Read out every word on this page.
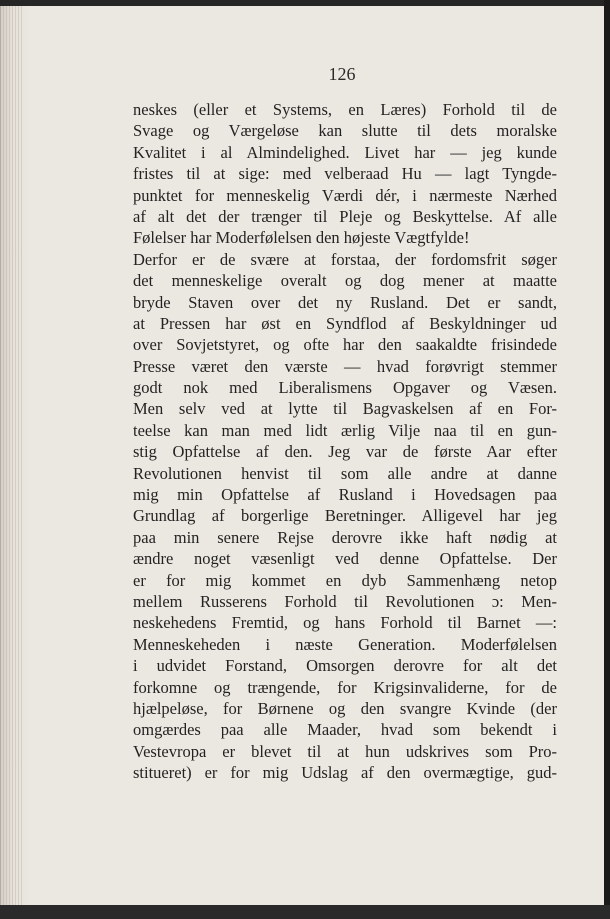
126
neskes (eller et Systems, en Læres) Forhold til de
Svage og Værgeløse kan slutte til dets moralske
Kvalitet i al Almindelighed. Livet har — jeg kunde
fristes til at sige: med velberaad Hu — lagt Tyngde-
punktet for menneskelig Værdi dér, i nærmeste Nærhed
af alt det der trænger til Pleje og Beskyttelse. Af alle
Følelser har Moderfølelsen den højeste Vægtfylde!
Derfor er de svære at forstaa, der fordomsfrit søger
det menneskelige overalt og dog mener at maatte
bryde Staven over det ny Rusland. Det er sandt,
at Pressen har øst en Syndflod af Beskyldninger ud
over Sovjetstyret, og ofte har den saakaldte frisindede
Presse været den værste — hvad forøvrigt stemmer
godt nok med Liberalismens Opgaver og Væsen.
Men selv ved at lytte til Bagvaskelsen af en For-
teelse kan man med lidt ærlig Vilje naa til en gun-
stig Opfattelse af den. Jeg var de første Aar efter
Revolutionen henvist til som alle andre at danne
mig min Opfattelse af Rusland i Hovedsagen paa
Grundlag af borgerlige Beretninger. Alligevel har jeg
paa min senere Rejse derovre ikke haft nødig at
ændre noget væsenligt ved denne Opfattelse. Der
er for mig kommet en dyb Sammenhæng netop
mellem Russerens Forhold til Revolutionen ɔ: Men-
neskehedens Fremtid, og hans Forhold til Barnet —:
Menneskeheden i næste Generation. Moderfølelsen
i udvidet Forstand, Omsorgen derovre for alt det
forkomne og trængende, for Krigsinvaliderne, for de
hjælpeløse, for Børnene og den svangre Kvinde (der
omgærdes paa alle Maader, hvad som bekendt i
Vestevropa er blevet til at hun udskrives som Pro-
stitueret) er for mig Udslag af den overmægtige, gud-
